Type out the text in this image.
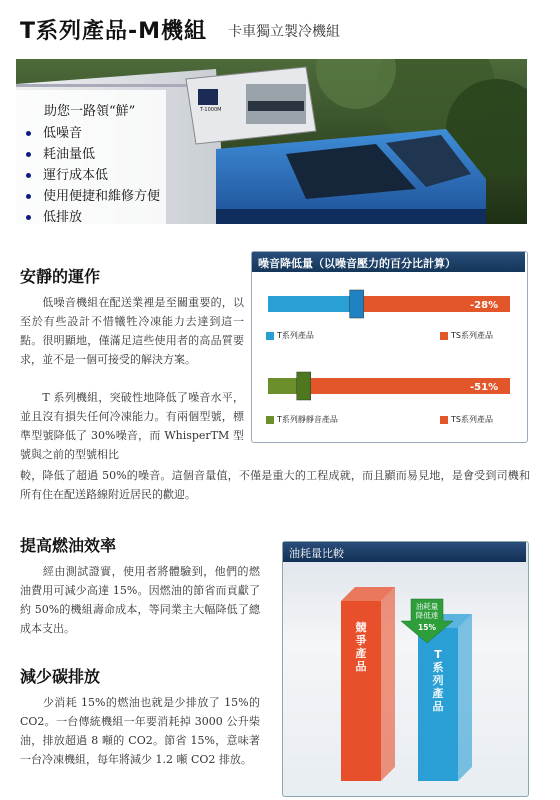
T系列產品-M機組 卡車獨立製冷機組
T-1000M
助您一路領“鮮”
低噪音
耗油量低
運行成本低
使用便捷和維修方便
低排放
安靜的運作
　　低噪音機組在配送業裡是至關重要的，以至於有些設計不惜犧牲冷凍能力去達到這一點。很明顯地，僅滿足這些使用者的高品質要求，並不是一個可接受的解決方案。
　　T 系列機組，突破性地降低了噪音水平，並且沒有損失任何冷凍能力。有兩個型號，標準型號降低了 30%噪音，而 WhisperTM 型號與之前的型號相比
較，降低了超過 50%的噪音。這個音量值，不僅是重大的工程成就，而且顯而易見地，是會受到司機和所有住在配送路線附近居民的歡迎。
噪音降低量（以噪音壓力的百分比計算）
-28%
-51%
T系列產品	TS系列產品
T系列靜靜音產品	TS系列產品
提高燃油效率
　　經由測試證實，使用者將體驗到，他們的燃油費用可減少高達 15%。因燃油的節省而貢獻了約 50%的機組壽命成本，等同業主大幅降低了總成本支出。
減少碳排放
　　少消耗 15%的燃油也就是少排放了 15%的 CO2。一台傳統機組一年要消耗掉 3000 公升柴油，排放超過 8 噸的 CO2。節省 15%，意味著一台冷凍機組，每年將減少 1.2 噸 CO2 排放。
油耗量比較
競爭產品
T 系列產品
油耗量
降低達
15%
